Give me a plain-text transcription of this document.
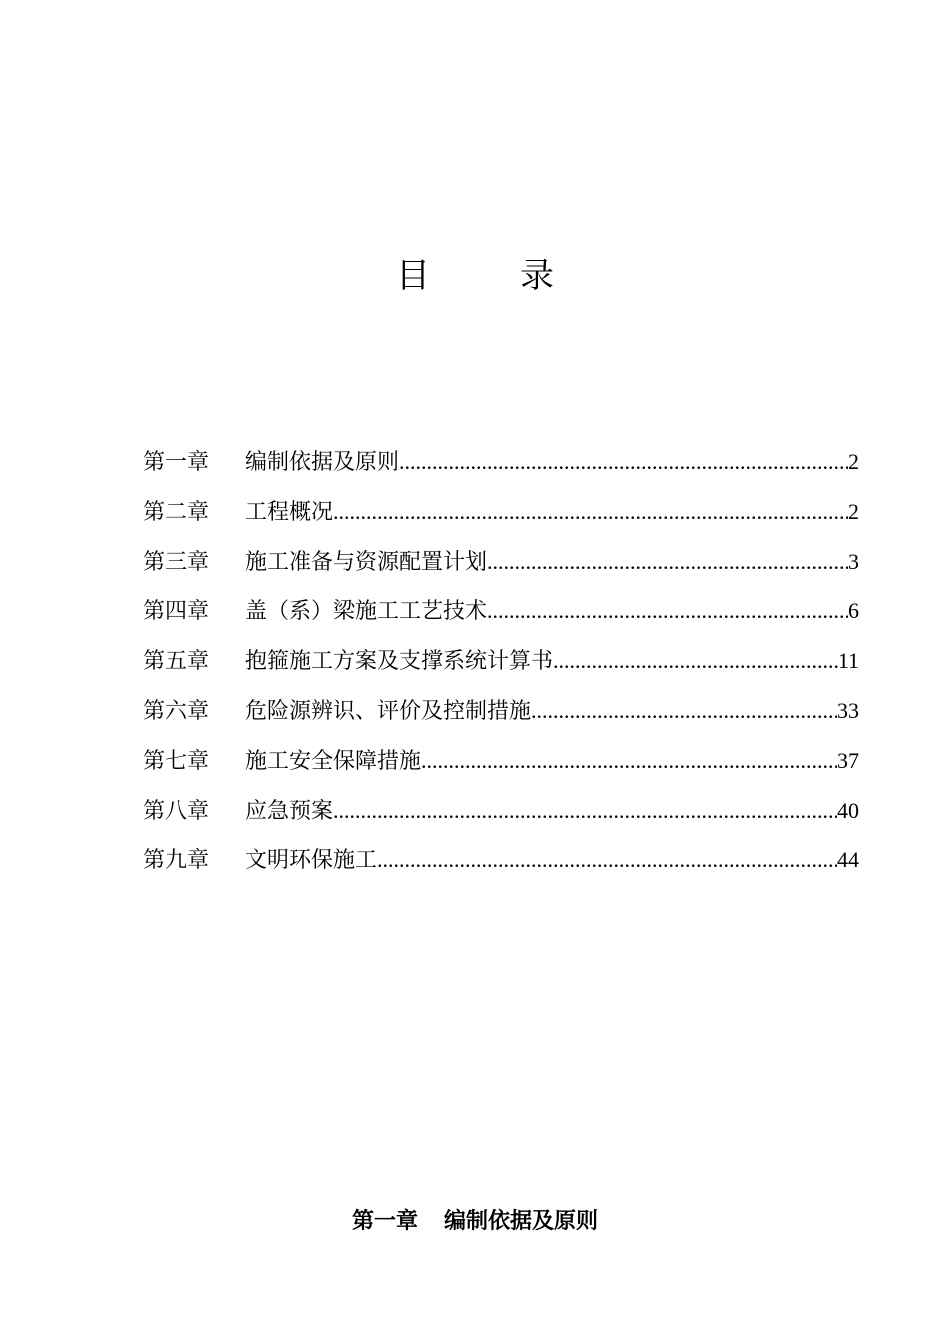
目　录
第一章	编制依据及原则 .....	2
第二章	工程概况 .....	2
第三章	施工准备与资源配置计划 .....	3
第四章	盖（系）梁施工工艺技术 .....	6
第五章	抱箍施工方案及支撑系统计算书 .....	11
第六章	危险源辨识、评价及控制措施 .....	33
第七章	施工安全保障措施 .....	37
第八章	应急预案 .....	40
第九章	文明环保施工 .....	44
第一章 编制依据及原则
